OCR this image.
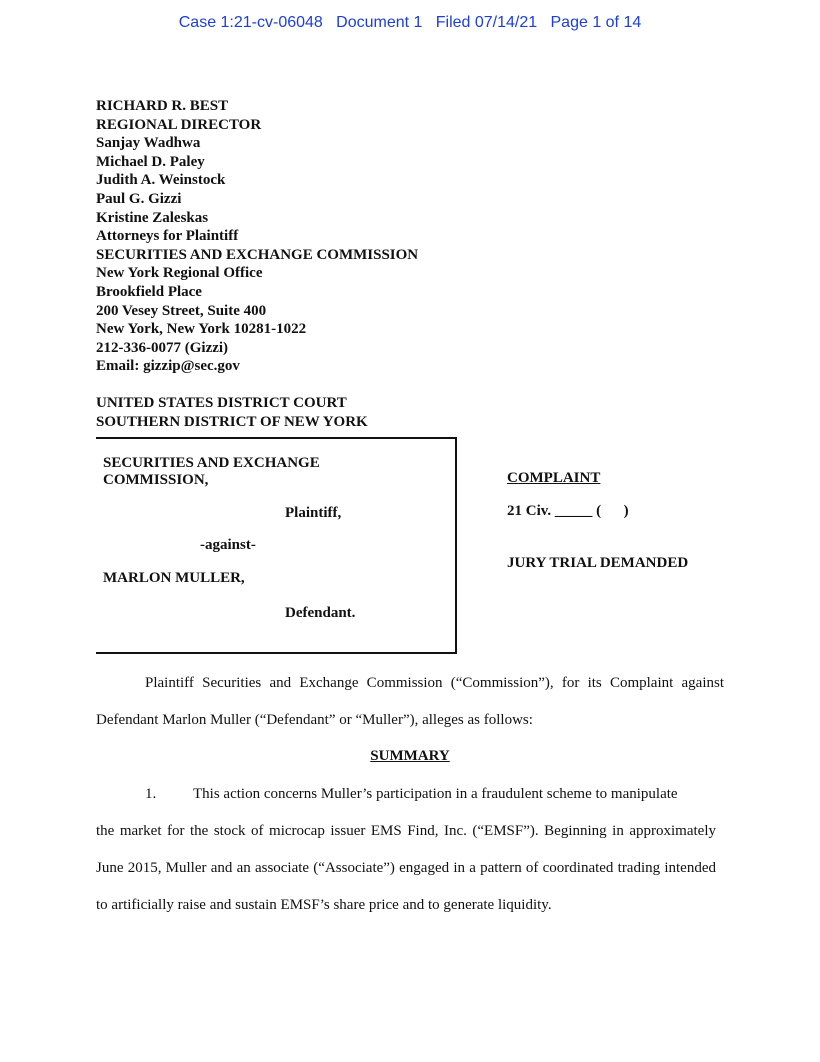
Case 1:21-cv-06048   Document 1   Filed 07/14/21   Page 1 of 14
RICHARD R. BEST
REGIONAL DIRECTOR
Sanjay Wadhwa
Michael D. Paley
Judith A. Weinstock
Paul G. Gizzi
Kristine Zaleskas
Attorneys for Plaintiff
SECURITIES AND EXCHANGE COMMISSION
New York Regional Office
Brookfield Place
200 Vesey Street, Suite 400
New York, New York 10281-1022
212-336-0077 (Gizzi)
Email: gizzip@sec.gov
UNITED STATES DISTRICT COURT
SOUTHERN DISTRICT OF NEW YORK
SECURITIES AND EXCHANGE
COMMISSION,
Plaintiff,
-against-
MARLON MULLER,
Defendant.
COMPLAINT
21 Civ. _____ (      )
JURY TRIAL DEMANDED

Plaintiff Securities and Exchange Commission (“Commission”), for its Complaint against Defendant Marlon Muller (“Defendant” or “Muller”), alleges as follows:

SUMMARY
1. This action concerns Muller’s participation in a fraudulent scheme to manipulate

the market for the stock of microcap issuer EMS Find, Inc. (“EMSF”). Beginning in approximately June 2015, Muller and an associate (“Associate”) engaged in a pattern of coordinated trading intended to artificially raise and sustain EMSF’s share price and to generate liquidity.
